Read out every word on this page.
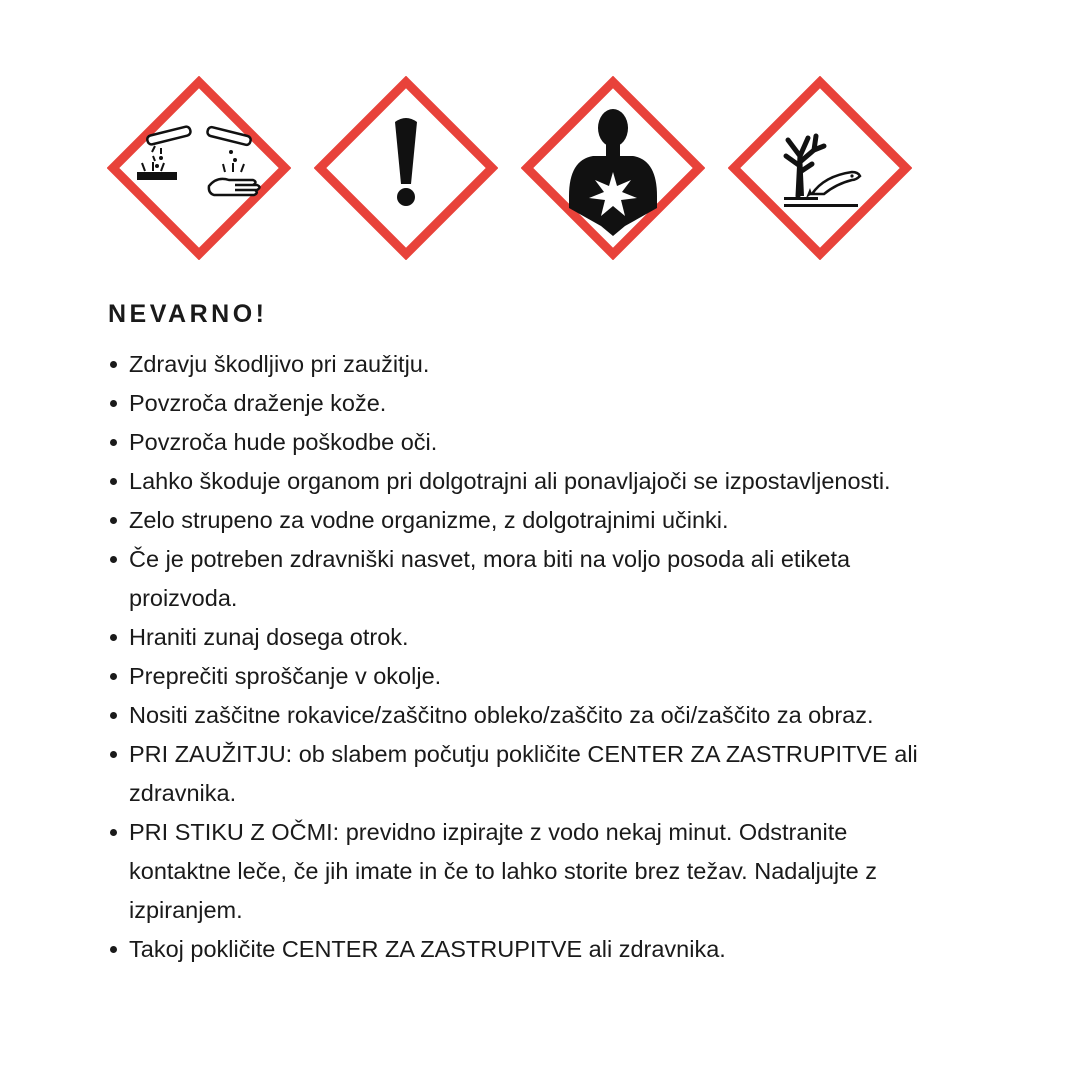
NEVARNO!
Zdravju škodljivo pri zaužitju.
Povzroča draženje kože.
Povzroča hude poškodbe oči.
Lahko škoduje organom pri dolgotrajni ali ponavljajoči se izpostavljenosti.
Zelo strupeno za vodne organizme, z dolgotrajnimi učinki.
Če je potreben zdravniški nasvet, mora biti na voljo posoda ali etiketa proizvoda.
Hraniti zunaj dosega otrok.
Preprečiti sproščanje v okolje.
Nositi zaščitne rokavice/zaščitno obleko/zaščito za oči/zaščito za obraz.
PRI ZAUŽITJU: ob slabem počutju pokličite CENTER ZA ZASTRUPITVE ali zdravnika.
PRI STIKU Z OČMI: previdno izpirajte z vodo nekaj minut. Odstranite kontaktne leče, če jih imate in če to lahko storite brez težav. Nadaljujte z izpiranjem.
Takoj pokličite CENTER ZA ZASTRUPITVE ali zdravnika.
